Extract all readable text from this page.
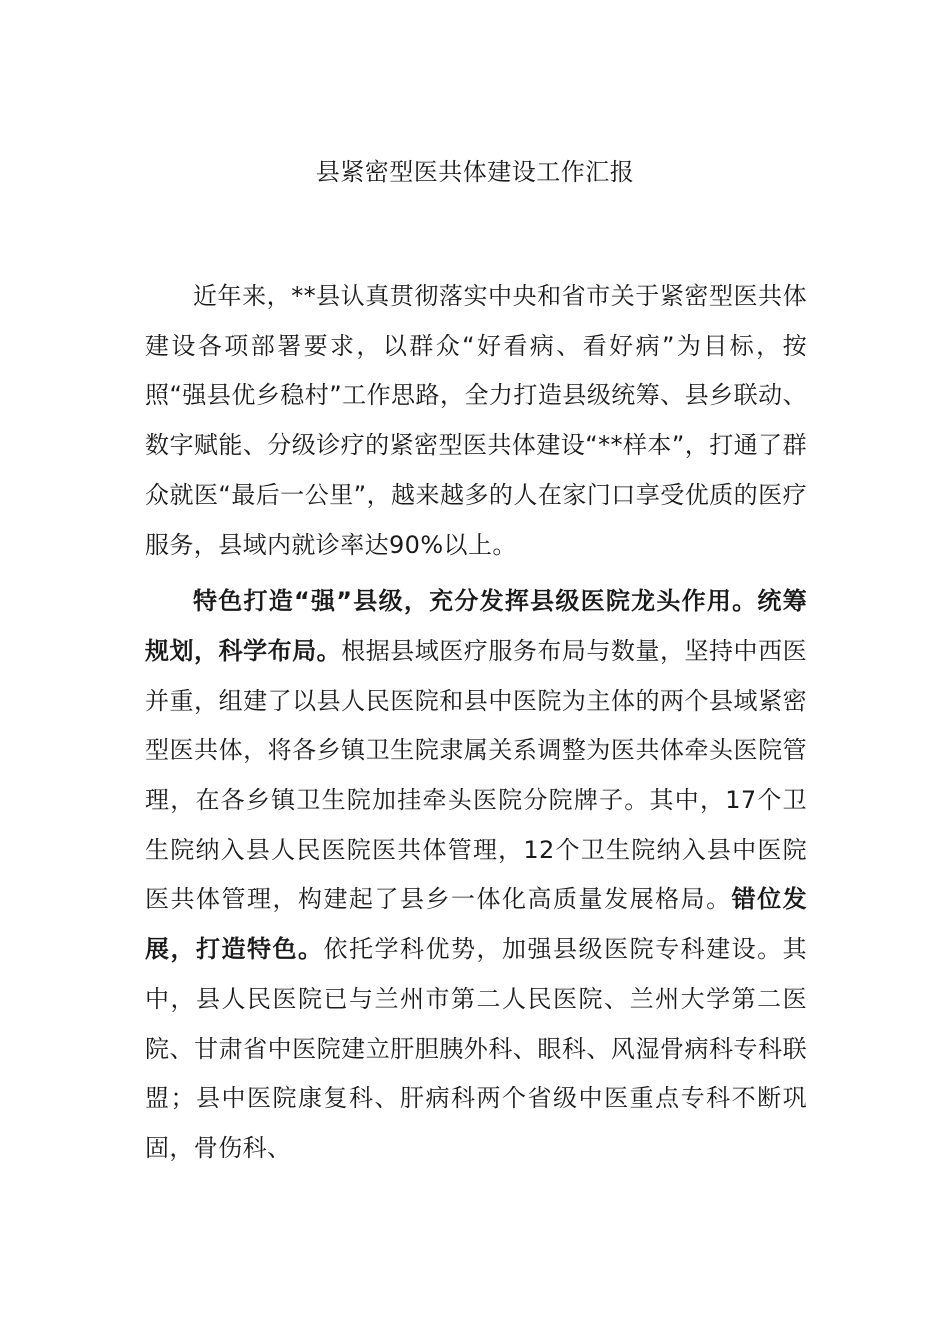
县紧密型医共体建设工作汇报

近年来，**县认真贯彻落实中央和省市关于紧密型医共体建设各项部署要求，以群众“好看病、看好病”为目标，按照“强县优乡稳村”工作思路，全力打造县级统筹、县乡联动、数字赋能、分级诊疗的紧密型医共体建设“**样本”，打通了群众就医“最后一公里”，越来越多的人在家门口享受优质的医疗服务，县域内就诊率达90%以上。

特色打造“强”县级，充分发挥县级医院龙头作用。统筹规划，科学布局。根据县域医疗服务布局与数量，坚持中西医并重，组建了以县人民医院和县中医院为主体的两个县域紧密型医共体，将各乡镇卫生院隶属关系调整为医共体牵头医院管理，在各乡镇卫生院加挂牵头医院分院牌子。其中，17个卫生院纳入县人民医院医共体管理，12个卫生院纳入县中医院医共体管理，构建起了县乡一体化高质量发展格局。错位发展，打造特色。依托学科优势，加强县级医院专科建设。其中，县人民医院已与兰州市第二人民医院、兰州大学第二医院、甘肃省中医院建立肝胆胰外科、眼科、风湿骨病科专科联盟；县中医院康复科、肝病科两个省级中医重点专科不断巩固，骨伤科、
